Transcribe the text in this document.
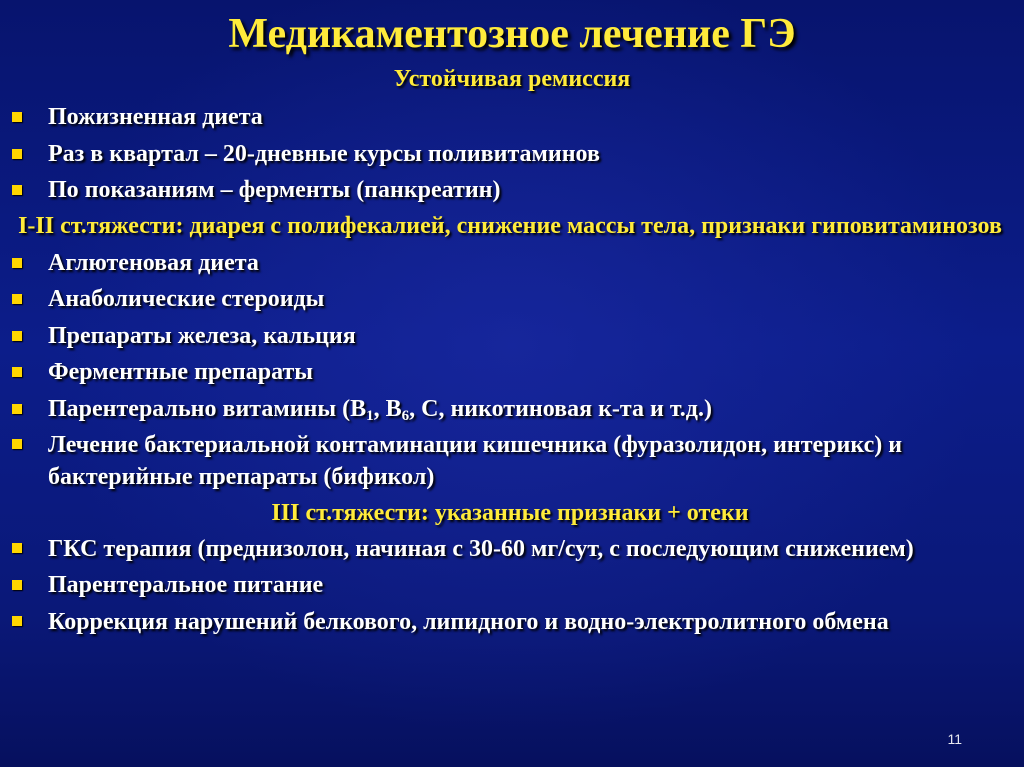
Медикаментозное лечение ГЭ
Устойчивая ремиссия
Пожизненная диета
Раз в квартал – 20-дневные курсы поливитаминов
По показаниям – ферменты (панкреатин)
I-II ст.тяжести: диарея с полифекалией, снижение массы тела, признаки гиповитаминозов
Аглютеновая диета
Анаболические стероиды
Препараты железа, кальция
Ферментные препараты
Парентерально витамины ($В_1$, $В_6$, С, никотиновая к-та и т.д.)
Лечение бактериальной контаминации кишечника (фуразолидон, интерикс) и бактерийные препараты (бификол)
III ст.тяжести: указанные признаки + отеки
ГКС терапия (преднизолон, начиная с 30-60 мг/сут, с последующим снижением)
Парентеральное питание
Коррекция нарушений белкового, липидного и водно-электролитного обмена
11
